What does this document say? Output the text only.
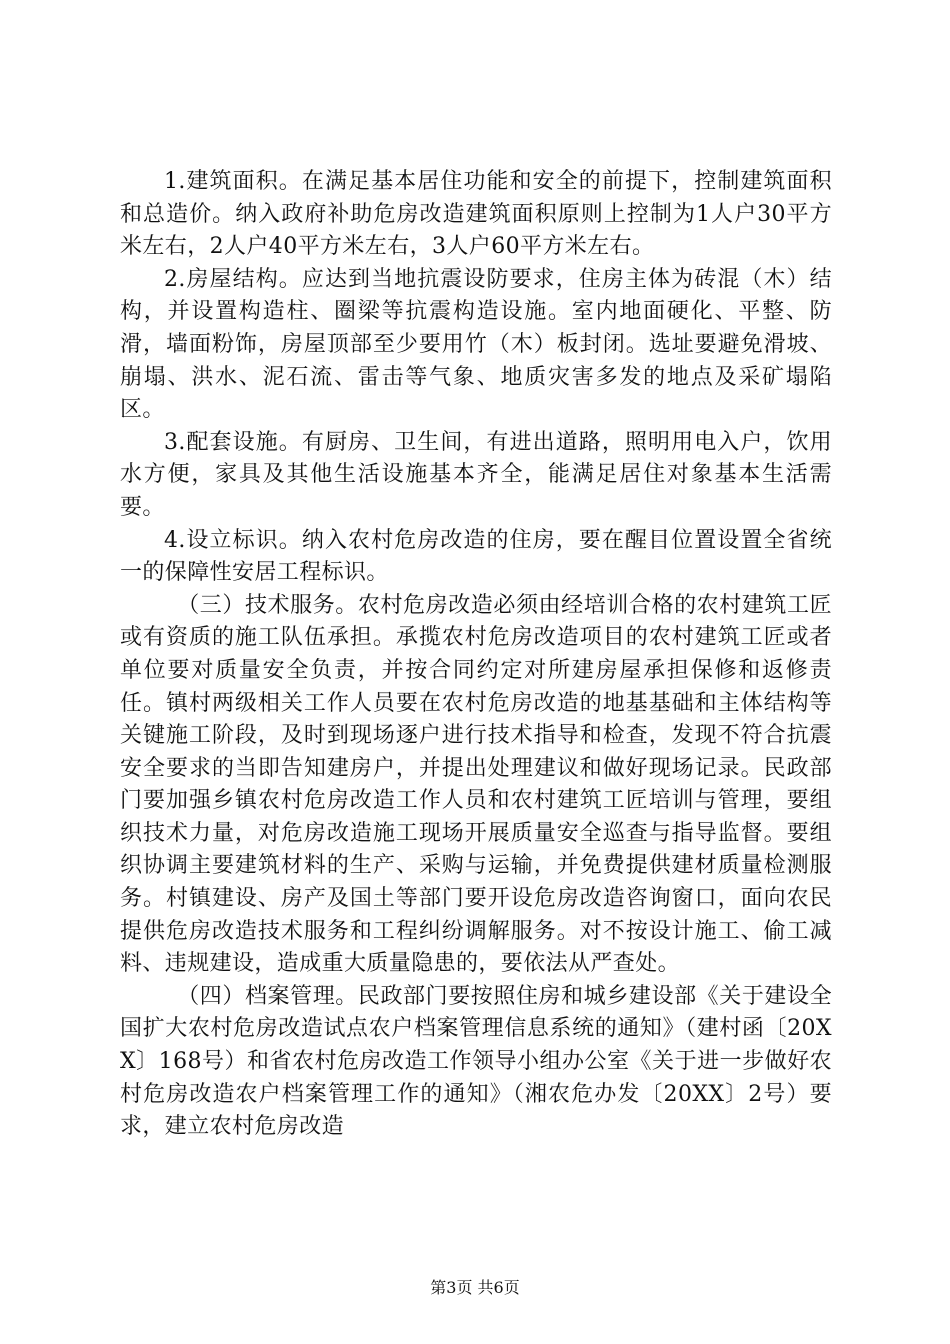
1.建筑面积。在满足基本居住功能和安全的前提下，控制建筑面积和总造价。纳入政府补助危房改造建筑面积原则上控制为1人户30平方米左右，2人户40平方米左右，3人户60平方米左右。

2.房屋结构。应达到当地抗震设防要求，住房主体为砖混（木）结构，并设置构造柱、圈梁等抗震构造设施。室内地面硬化、平整、防滑，墙面粉饰，房屋顶部至少要用竹（木）板封闭。选址要避免滑坡、崩塌、洪水、泥石流、雷击等气象、地质灾害多发的地点及采矿塌陷区。

3.配套设施。有厨房、卫生间，有进出道路，照明用电入户，饮用水方便，家具及其他生活设施基本齐全，能满足居住对象基本生活需要。

4.设立标识。纳入农村危房改造的住房，要在醒目位置设置全省统一的保障性安居工程标识。

（三）技术服务。农村危房改造必须由经培训合格的农村建筑工匠或有资质的施工队伍承担。承揽农村危房改造项目的农村建筑工匠或者单位要对质量安全负责，并按合同约定对所建房屋承担保修和返修责任。镇村两级相关工作人员要在农村危房改造的地基基础和主体结构等关键施工阶段，及时到现场逐户进行技术指导和检查，发现不符合抗震安全要求的当即告知建房户，并提出处理建议和做好现场记录。民政部门要加强乡镇农村危房改造工作人员和农村建筑工匠培训与管理，要组织技术力量，对危房改造施工现场开展质量安全巡查与指导监督。要组织协调主要建筑材料的生产、采购与运输，并免费提供建材质量检测服务。村镇建设、房产及国土等部门要开设危房改造咨询窗口，面向农民提供危房改造技术服务和工程纠纷调解服务。对不按设计施工、偷工减料、违规建设，造成重大质量隐患的，要依法从严查处。

（四）档案管理。民政部门要按照住房和城乡建设部《关于建设全国扩大农村危房改造试点农户档案管理信息系统的通知》（建村函〔20XX〕168号）和省农村危房改造工作领导小组办公室《关于进一步做好农村危房改造农户档案管理工作的通知》（湘农危办发〔20XX〕2号）要求，建立农村危房改造

第3页 共6页
